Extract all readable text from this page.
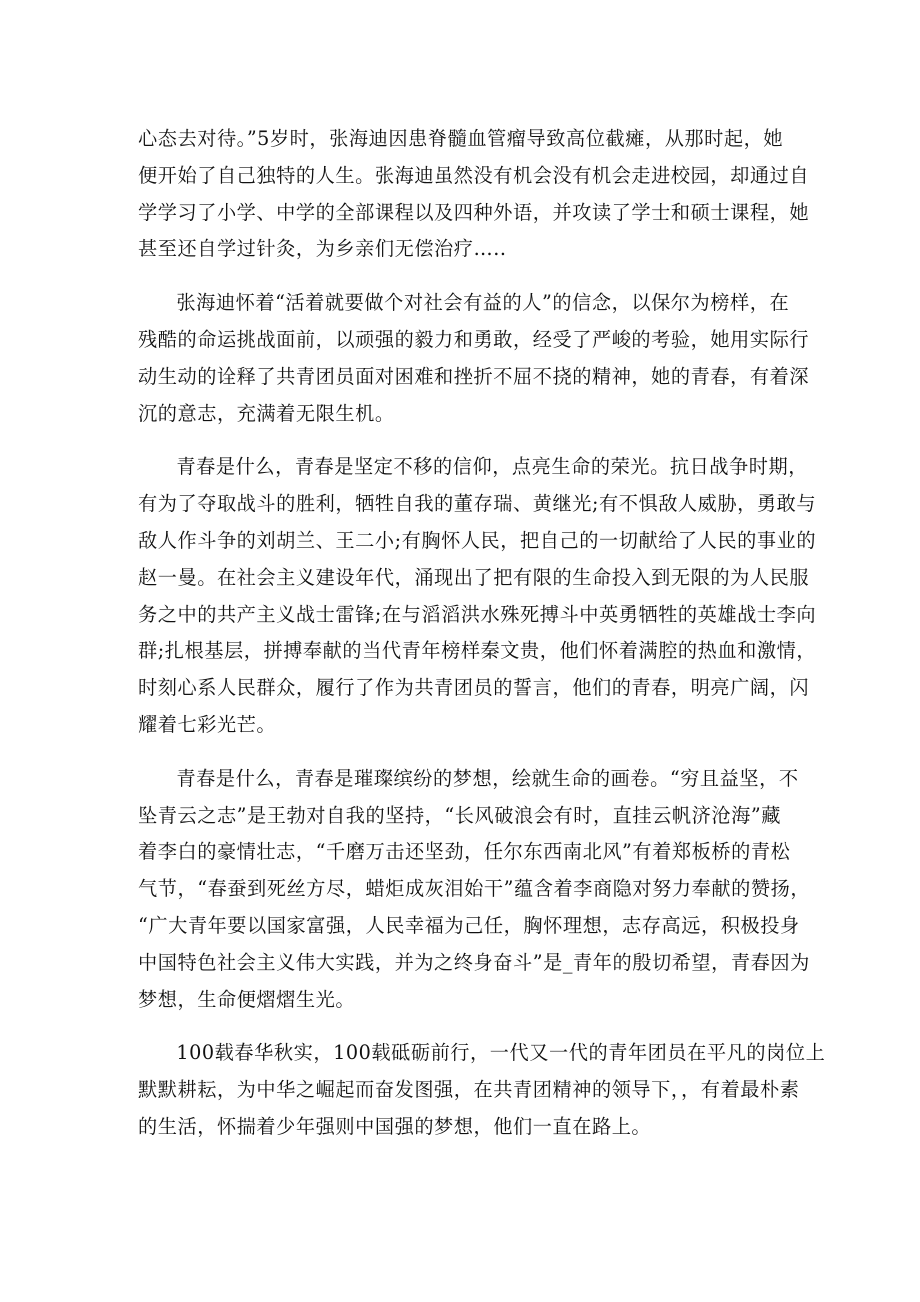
心态去对待。”5岁时，张海迪因患脊髓血管瘤导致高位截瘫，从那时起，她
便开始了自己独特的人生。张海迪虽然没有机会没有机会走进校园，却通过自
学学习了小学、中学的全部课程以及四种外语，并攻读了学士和硕士课程，她
甚至还自学过针灸，为乡亲们无偿治疗…..

张海迪怀着“活着就要做个对社会有益的人”的信念，以保尔为榜样，在
残酷的命运挑战面前，以顽强的毅力和勇敢，经受了严峻的考验，她用实际行
动生动的诠释了共青团员面对困难和挫折不屈不挠的精神，她的青春，有着深
沉的意志，充满着无限生机。

青春是什么，青春是坚定不移的信仰，点亮生命的荣光。抗日战争时期，
有为了夺取战斗的胜利，牺牲自我的董存瑞、黄继光;有不惧敌人威胁，勇敢与
敌人作斗争的刘胡兰、王二小;有胸怀人民，把自己的一切献给了人民的事业的
赵一曼。在社会主义建设年代，涌现出了把有限的生命投入到无限的为人民服
务之中的共产主义战士雷锋;在与滔滔洪水殊死搏斗中英勇牺牲的英雄战士李向
群;扎根基层，拼搏奉献的当代青年榜样秦文贵，他们怀着满腔的热血和激情，
时刻心系人民群众，履行了作为共青团员的誓言，他们的青春，明亮广阔，闪
耀着七彩光芒。

青春是什么，青春是璀璨缤纷的梦想，绘就生命的画卷。“穷且益坚，不
坠青云之志”是王勃对自我的坚持，“长风破浪会有时，直挂云帆济沧海”藏
着李白的豪情壮志，“千磨万击还坚劲，任尔东西南北风”有着郑板桥的青松
气节，“春蚕到死丝方尽，蜡炬成灰泪始干”蕴含着李商隐对努力奉献的赞扬，
“广大青年要以国家富强，人民幸福为己任，胸怀理想，志存高远，积极投身
中国特色社会主义伟大实践，并为之终身奋斗”是_青年的殷切希望，青春因为
梦想，生命便熠熠生光。

100载春华秋实，100载砥砺前行，一代又一代的青年团员在平凡的岗位上
默默耕耘，为中华之崛起而奋发图强，在共青团精神的领导下，，有着最朴素
的生活，怀揣着少年强则中国强的梦想，他们一直在路上。
